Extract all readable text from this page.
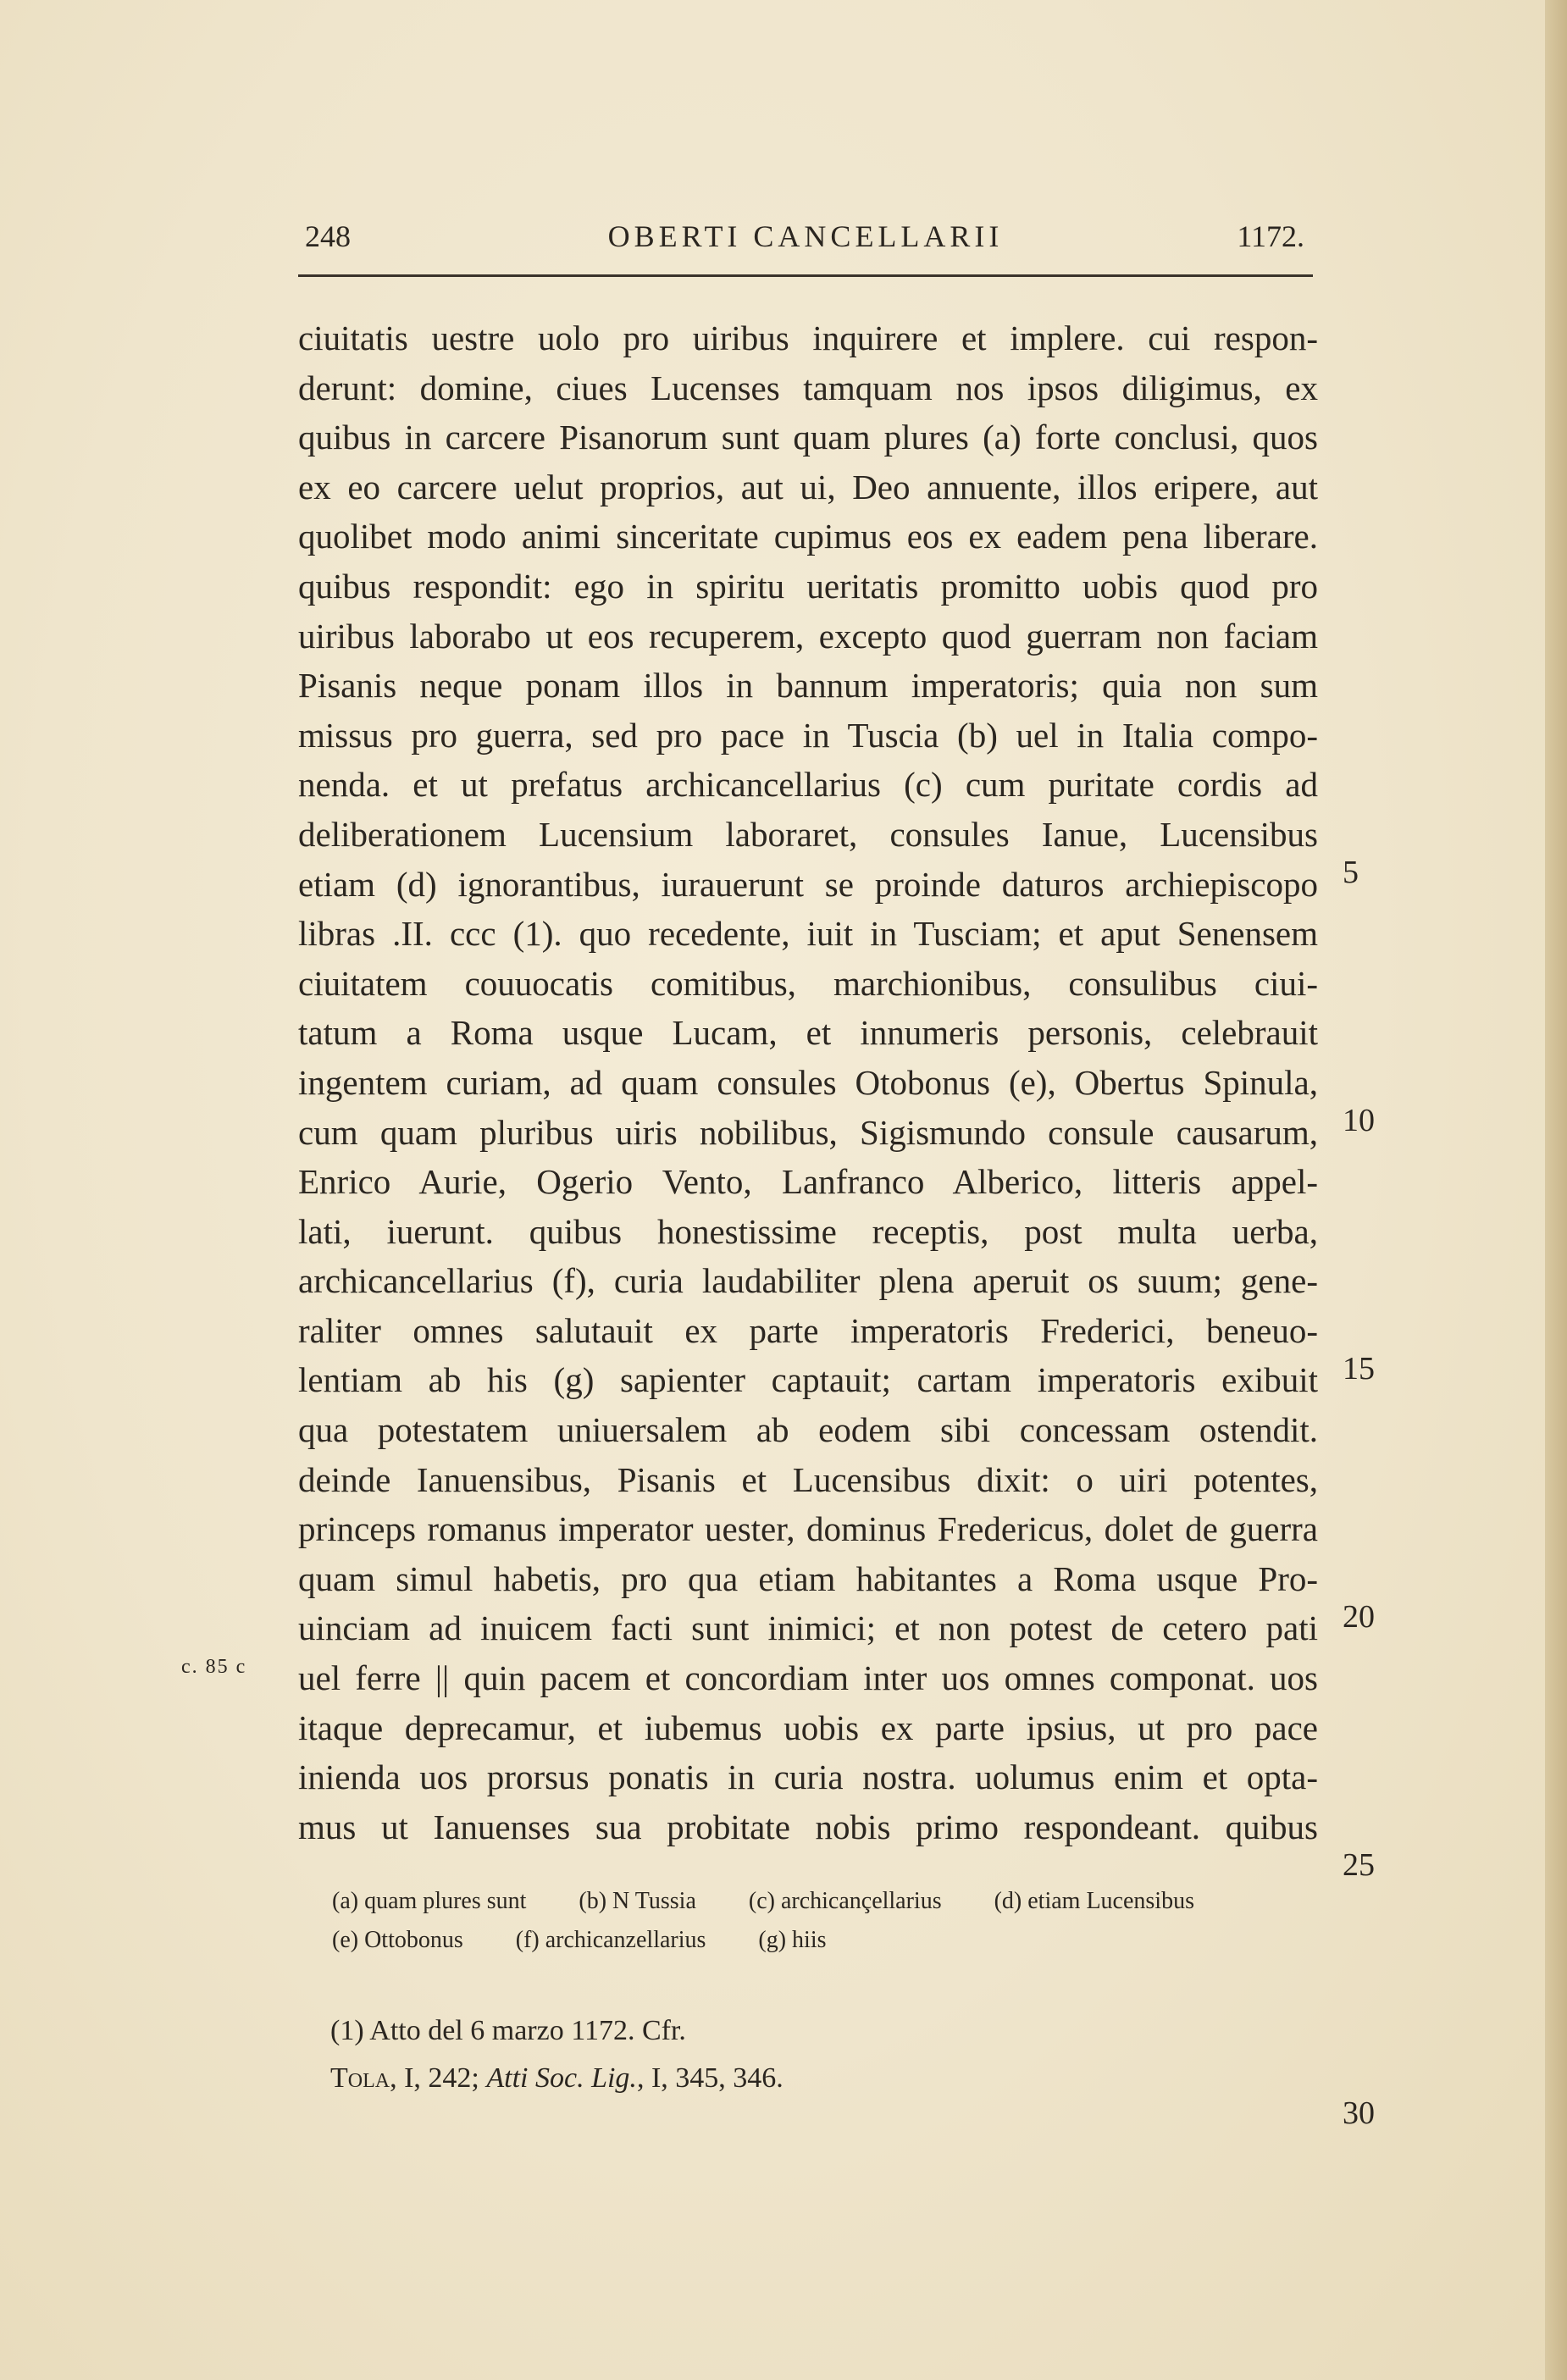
248	OBERTI CANCELLARII	1172.
ciuitatis uestre uolo pro uiribus inquirere et implere. cui respon-
derunt: domine, ciues Lucenses tamquam nos ipsos diligimus, ex
quibus in carcere Pisanorum sunt quam plures (a) forte conclusi, quos
ex eo carcere uelut proprios, aut ui, Deo annuente, illos eripere, aut
quolibet modo animi sinceritate cupimus eos ex eadem pena liberare.
quibus respondit: ego in spiritu ueritatis promitto uobis quod pro
uiribus laborabo ut eos recuperem, excepto quod guerram non faciam
Pisanis neque ponam illos in bannum imperatoris; quia non sum
missus pro guerra, sed pro pace in Tuscia (b) uel in Italia compo-
nenda. et ut prefatus archicancellarius (c) cum puritate cordis ad
deliberationem Lucensium laboraret, consules Ianue, Lucensibus
etiam (d) ignorantibus, iurauerunt se proinde daturos archiepiscopo
libras .II. ccc (1). quo recedente, iuit in Tusciam; et aput Senensem
ciuitatem couuocatis comitibus, marchionibus, consulibus ciui-
tatum a Roma usque Lucam, et innumeris personis, celebrauit
ingentem curiam, ad quam consules Otobonus (e), Obertus Spinula,
cum quam pluribus uiris nobilibus, Sigismundo consule causarum,
Enrico Aurie, Ogerio Vento, Lanfranco Alberico, litteris appel-
lati, iuerunt. quibus honestissime receptis, post multa uerba,
archicancellarius (f), curia laudabiliter plena aperuit os suum; gene-
raliter omnes salutauit ex parte imperatoris Frederici, beneuo-
lentiam ab his (g) sapienter captauit; cartam imperatoris exibuit
qua potestatem uniuersalem ab eodem sibi concessam ostendit.
deinde Ianuensibus, Pisanis et Lucensibus dixit: o uiri potentes,
princeps romanus imperator uester, dominus Fredericus, dolet de guerra
quam simul habetis, pro qua etiam habitantes a Roma usque Pro-
uinciam ad inuicem facti sunt inimici; et non potest de cetero pati
uel ferre || quin pacem et concordiam inter uos omnes componat. uos
itaque deprecamur, et iubemus uobis ex parte ipsius, ut pro pace
inienda uos prorsus ponatis in curia nostra. uolumus enim et opta-
mus ut Ianuenses sua probitate nobis primo respondeant. quibus
5
10
15
20
25
30
c. 85 c
(a) quam plures sunt (b) N Tussia (c) archicançellarius (d) etiam Lucensibus
(e) Ottobonus (f) archicanzellarius (g) hiis
(1) Atto del 6 marzo 1172. Cfr.
Tola, I, 242; Atti Soc. Lig., I, 345, 346.
